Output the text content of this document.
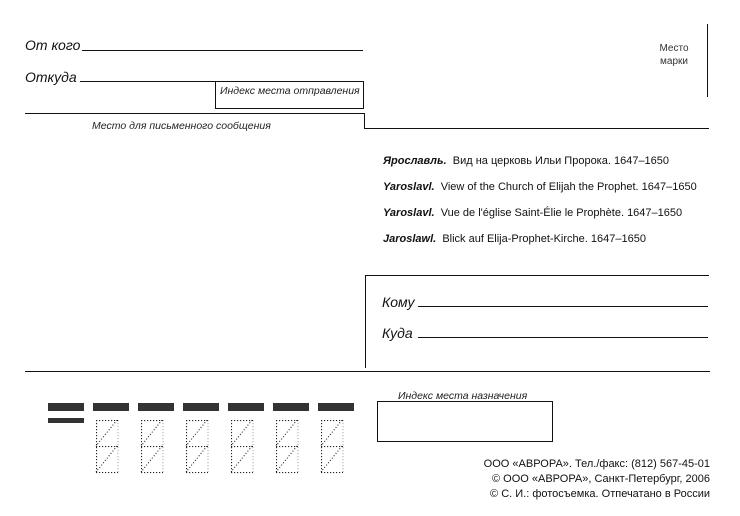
От кого
Откуда
Индекс места отправления
Место для письменного сообщения
Место
марки
Ярославль. Вид на церковь Ильи Пророка. 1647–1650
Yaroslavl. View of the Church of Elijah the Prophet. 1647–1650
Yaroslavl. Vue de l'église Saint-Élie le Prophète. 1647–1650
Jaroslawl. Blick auf Elija-Prophet-Kirche. 1647–1650
Кому
Куда
Индекс места назначения
ООО «АВРОРА». Тел./факс: (812) 567-45-01
© ООО «АВРОРА», Санкт-Петербург, 2006
© С. И.: фотосъемка. Отпечатано в России
